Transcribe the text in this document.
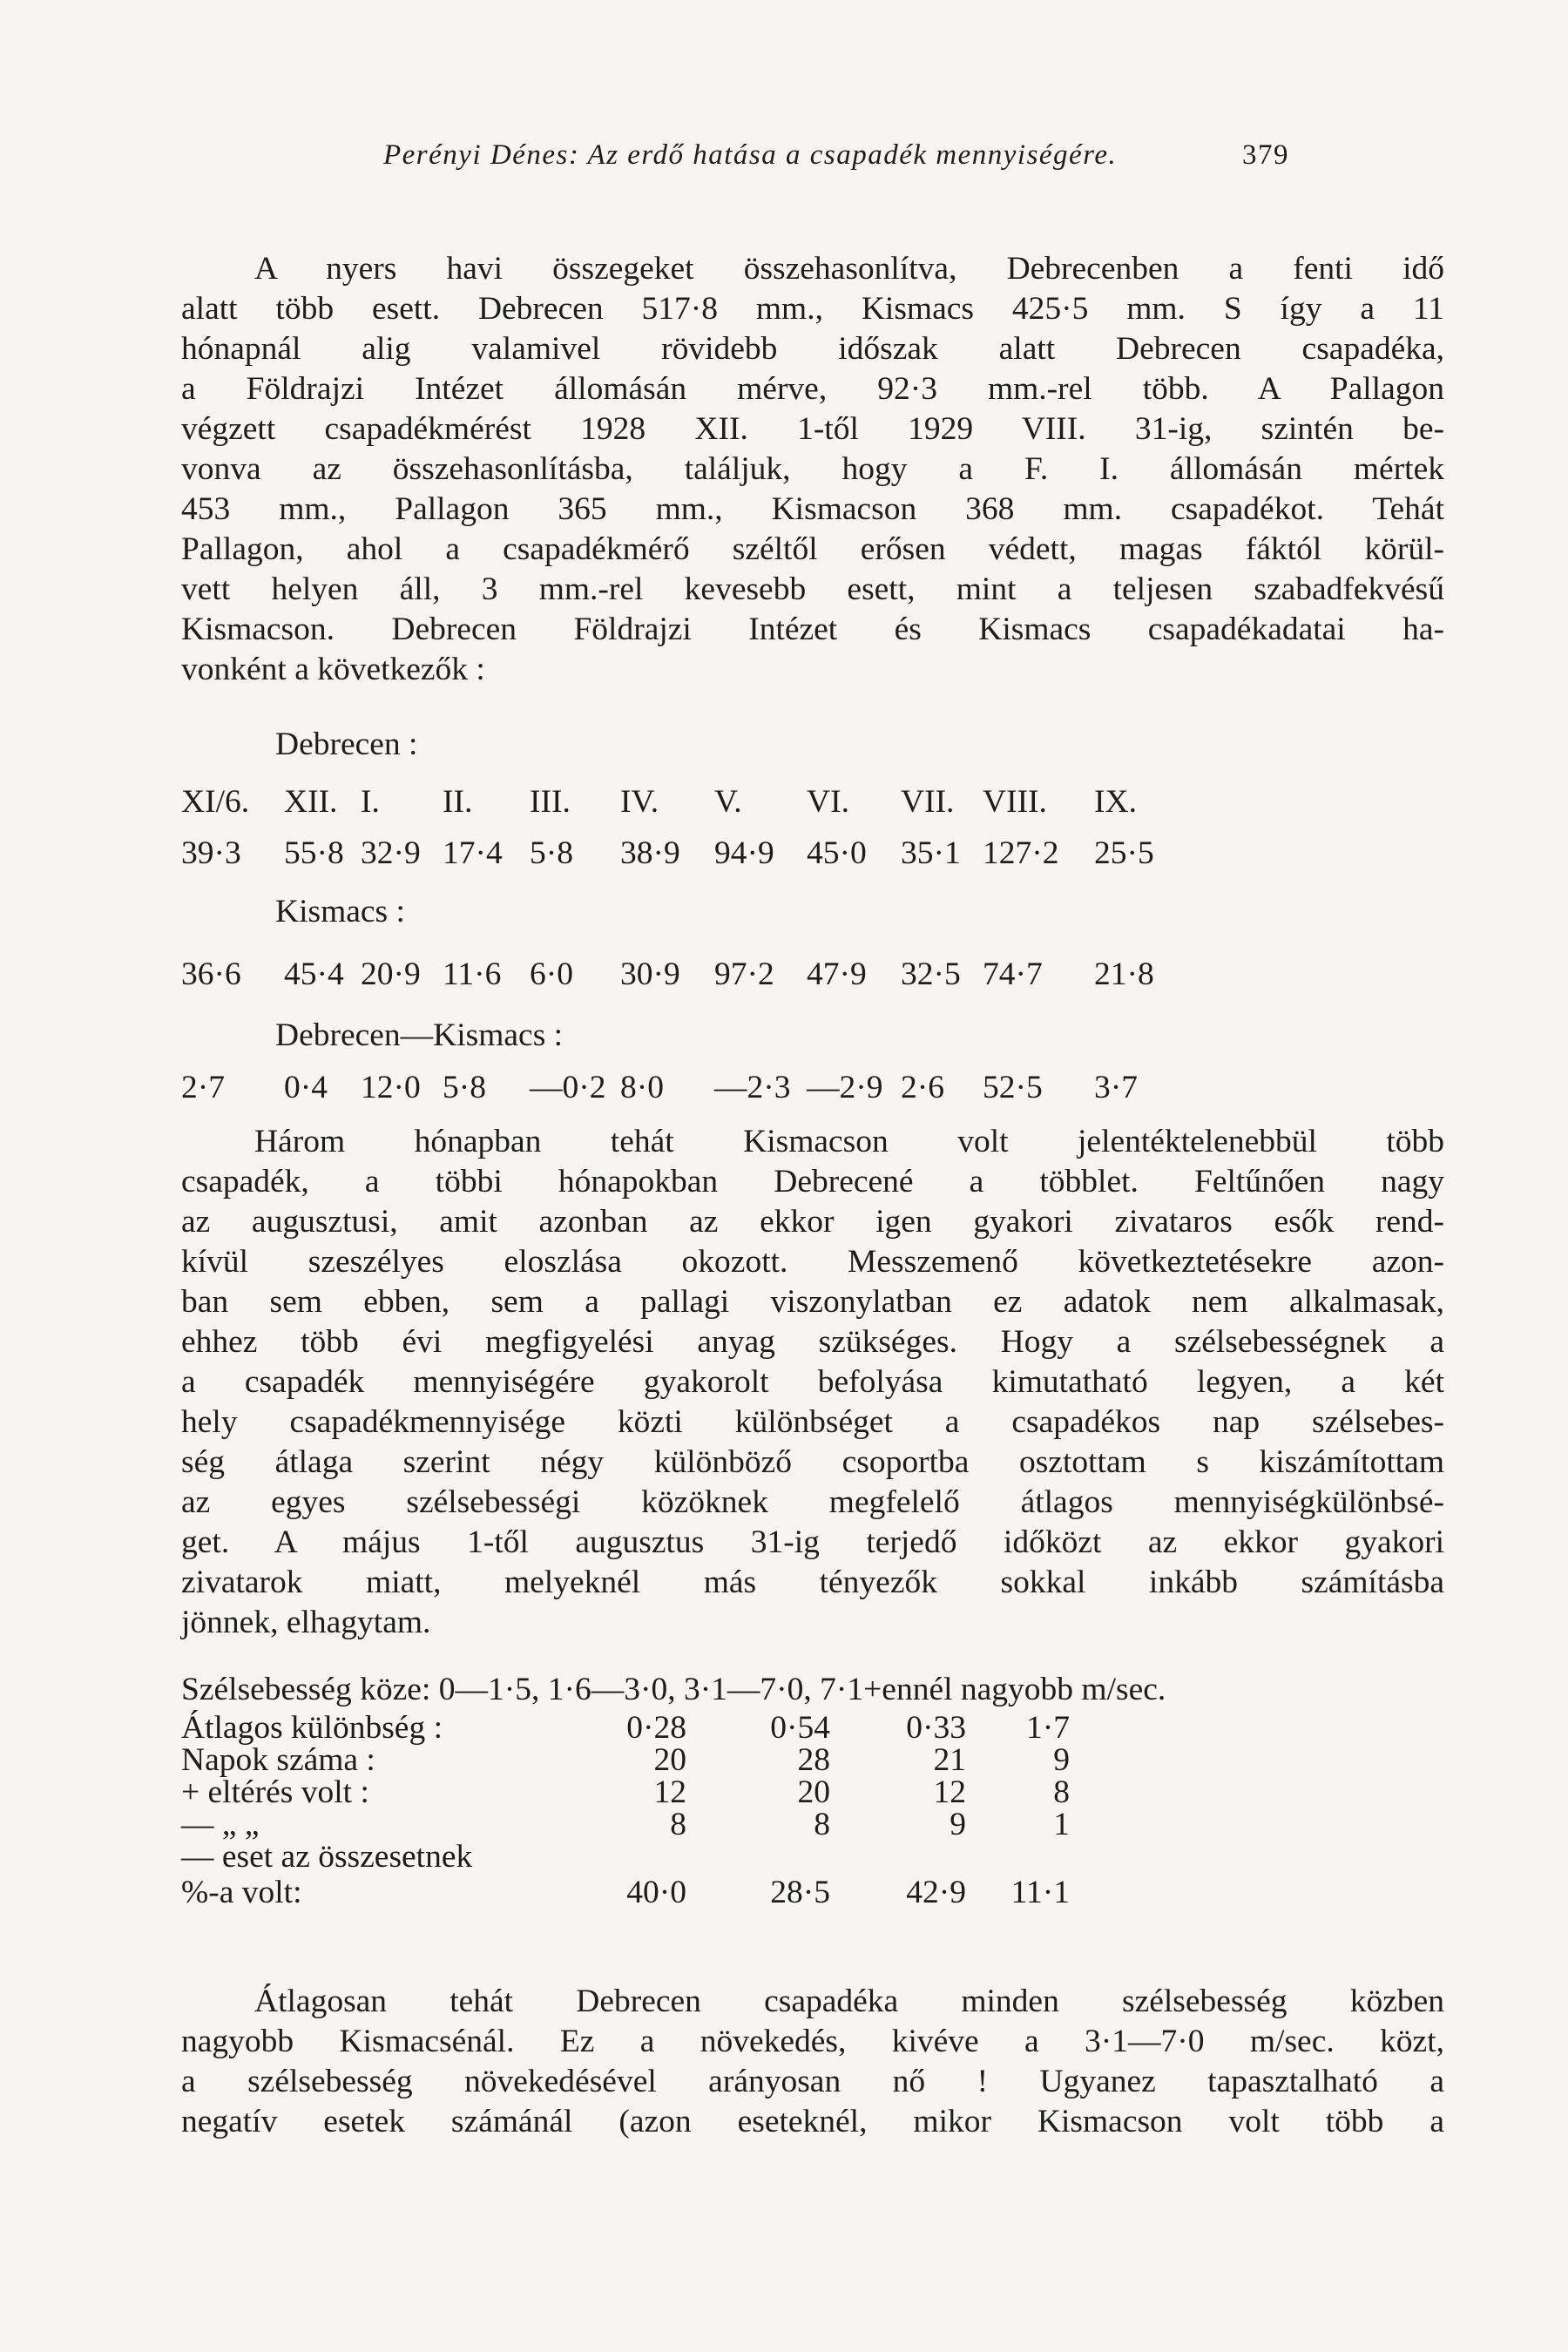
Perényi Dénes: Az erdő hatása a csapadék mennyiségére.	379
A nyers havi összegeket összehasonlítva, Debrecenben a fenti idő
alatt több esett. Debrecen 517·8 mm., Kismacs 425·5 mm. S így a 11
hónapnál alig valamivel rövidebb időszak alatt Debrecen csapadéka,
a Földrajzi Intézet állomásán mérve, 92·3 mm.-rel több. A Pallagon
végzett csapadékmérést 1928 XII. 1-től 1929 VIII. 31-ig, szintén be-
vonva az összehasonlításba, találjuk, hogy a F. I. állomásán mértek
453 mm., Pallagon 365 mm., Kismacson 368 mm. csapadékot. Tehát
Pallagon, ahol a csapadékmérő széltől erősen védett, magas fáktól körül-
vett helyen áll, 3 mm.-rel kevesebb esett, mint a teljesen szabadfekvésű
Kismacson. Debrecen Földrajzi Intézet és Kismacs csapadékadatai ha-
vonként a következők :
Debrecen :
XI/6. XII. I. II. III. IV. V. VI. VII. VIII. IX.
39·3 55·8 32·9 17·4 5·8 38·9 94·9 45·0 35·1 127·2 25·5
Kismacs :
36·6 45·4 20·9 11·6 6·0 30·9 97·2 47·9 32·5 74·7 21·8
Debrecen—Kismacs :
2·7 0·4 12·0 5·8 —0·2 8·0 —2·3 —2·9 2·6 52·5 3·7
Három hónapban tehát Kismacson volt jelentéktelenebbül több
csapadék, a többi hónapokban Debrecené a többlet. Feltűnően nagy
az augusztusi, amit azonban az ekkor igen gyakori zivataros esők rend-
kívül szeszélyes eloszlása okozott. Messzemenő következtetésekre azon-
ban sem ebben, sem a pallagi viszonylatban ez adatok nem alkalmasak,
ehhez több évi megfigyelési anyag szükséges. Hogy a szélsebességnek a
a csapadék mennyiségére gyakorolt befolyása kimutatható legyen, a két
hely csapadékmennyisége közti különbséget a csapadékos nap szélsebes-
ség átlaga szerint négy különböző csoportba osztottam s kiszámítottam
az egyes szélsebességi közöknek megfelelő átlagos mennyiségkülönbsé-
get. A május 1-től augusztus 31-ig terjedő időközt az ekkor gyakori
zivatarok miatt, melyeknél más tényezők sokkal inkább számításba
jönnek, elhagytam.
Szélsebesség köze: 0—1·5, 1·6—3·0, 3·1—7·0, 7·1+ennél nagyobb m/sec.
Átlagos különbség :	0·28	0·54 0·33 1·7
Napok száma :	20	28	21	9
+ eltérés volt :	12	20	12	8
— „ „	8	8	9	1
— eset az összesetnek
%-a volt:	40·0	28·5 42·9 11·1
Átlagosan tehát Debrecen csapadéka minden szélsebesség közben
nagyobb Kismacsénál. Ez a növekedés, kivéve a 3·1—7·0 m/sec. közt,
a szélsebesség növekedésével arányosan nő ! Ugyanez tapasztalható a
negatív esetek számánál (azon eseteknél, mikor Kismacson volt több a
